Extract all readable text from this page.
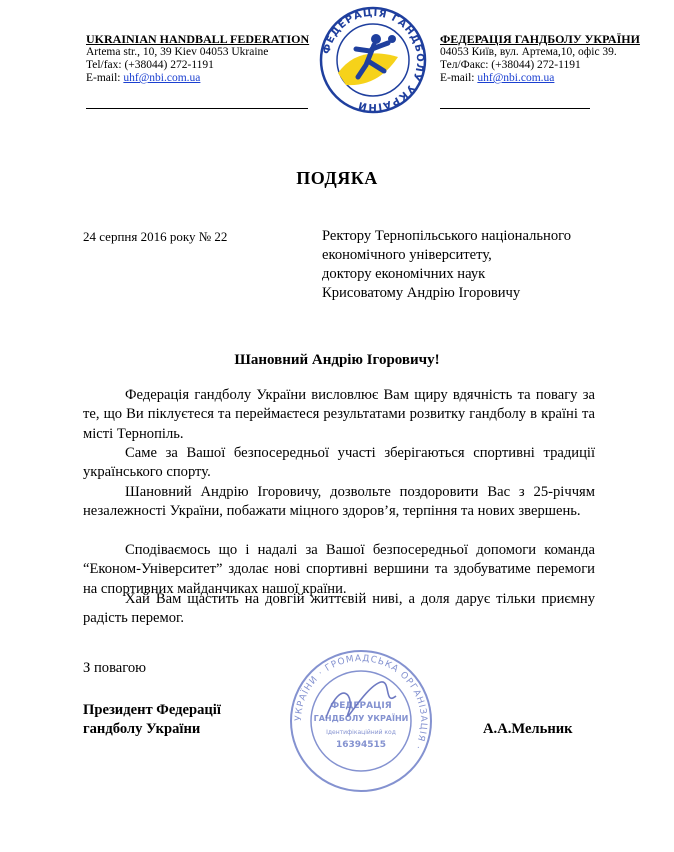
UKRAINIAN HANDBALL FEDERATION
Artema str., 10, 39 Kiev 04053 Ukraine
Tel/fax: (+38044) 272-1191
E-mail: uhf@nbi.com.ua
ФЕДЕРАЦІЯ ГАНДБОЛУ УКРАЇНИ
04053 Київ, вул. Артема,10, офіс 39.
Тел/Факс: (+38044) 272-1191
E-mail: uhf@nbi.com.ua
ФЕДЕРАЦІЯ ГАНДБОЛУ УКРАЇНИ
ПОДЯКА
24 серпня 2016 року № 22	Ректору Тернопільського національного
економічного університету,
доктору економічних наук
Крисоватому Андрію Ігоровичу
Шановний Андрію Ігоровичу!
Федерація гандболу України висловлює Вам щиру вдячність та повагу за те, що Ви піклуєтеся та переймаєтеся результатами розвитку гандболу в країні та місті Тернопіль.
Саме за Вашої безпосередньої участі зберігаються спортивні традиції українського спорту.
Шановний Андрію Ігоровичу, дозвольте поздоровити Вас з 25-річчям незалежності України, побажати міцного здоров’я, терпіння та нових звершень.
Сподіваємось що і надалі за Вашої безпосередньої допомоги команда “Економ-Університет” здолає нові спортивні вершини та здобуватиме перемоги на спортивних майданчиках нашої країни.
Хай Вам щастить на довгій життєвій ниві, а доля дарує тільки приємну радість перемог.
З повагою
УКРАЇНИ · ГРОМАДСЬКА ОРГАНІЗАЦІЯ ·
ФЕДЕРАЦІЯ
ГАНДБОЛУ УКРАЇНИ
Ідентифікаційний код
16394515
Президент Федерації
гандболу України	А.А.Мельник
